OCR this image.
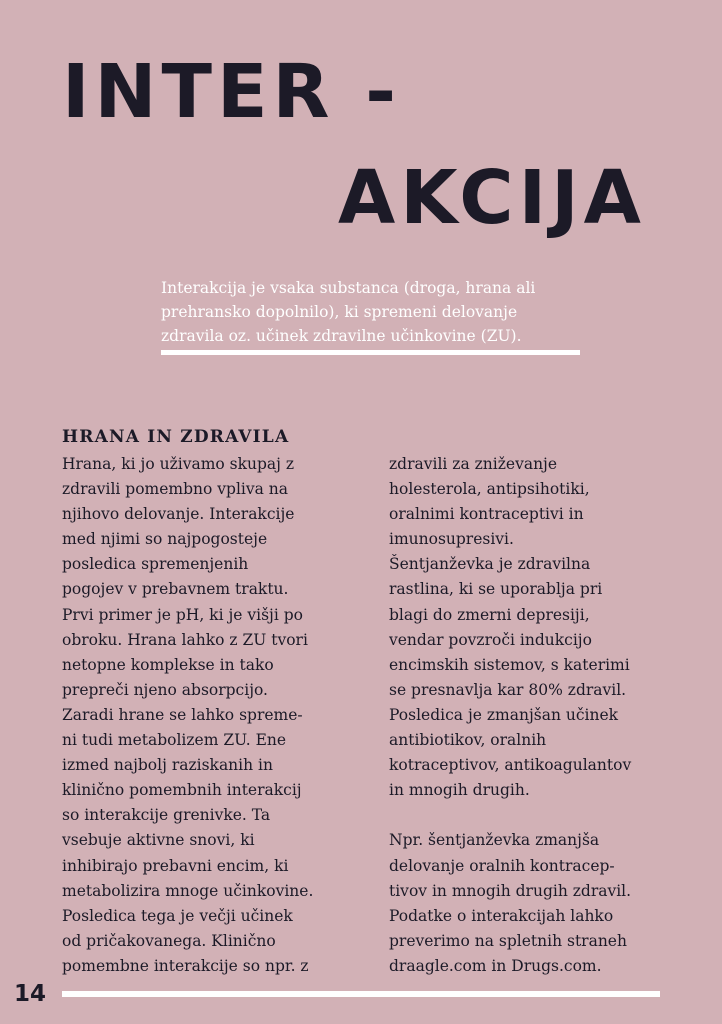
INTER -
AKCIJA
Interakcija je vsaka substanca (droga, hrana ali
prehransko dopolnilo), ki spremeni delovanje
zdravila oz. učinek zdravilne učinkovine (ZU).
HRANA IN ZDRAVILA
Hrana, ki jo uživamo skupaj z
zdravili pomembno vpliva na
njihovo delovanje. Interakcije
med njimi so najpogosteje
posledica spremenjenih
pogojev v prebavnem traktu.
Prvi primer je pH, ki je višji po
obroku. Hrana lahko z ZU tvori
netopne komplekse in tako
prepreči njeno absorpcijo.
Zaradi hrane se lahko spreme-
ni tudi metabolizem ZU. Ene
izmed najbolj raziskanih in
klinično pomembnih interakcij
so interakcije grenivke. Ta
vsebuje aktivne snovi, ki
inhibirajo prebavni encim, ki
metabolizira mnoge učinkovine.
Posledica tega je večji učinek
od pričakovanega. Klinično
pomembne interakcije so npr. z
zdravili za zniževanje
holesterola, antipsihotiki,
oralnimi kontraceptivi in
imunosupresivi.
Šentjanževka je zdravilna
rastlina, ki se uporablja pri
blagi do zmerni depresiji,
vendar povzroči indukcijo
encimskih sistemov, s katerimi
se presnavlja kar 80% zdravil.
Posledica je zmanjšan učinek
antibiotikov, oralnih
kotraceptivov, antikoagulantov
in mnogih drugih.
Npr. šentjanževka zmanjša
delovanje oralnih kontracep-
tivov in mnogih drugih zdravil.
Podatke o interakcijah lahko
preverimo na spletnih straneh
draagle.com in Drugs.com.
14
